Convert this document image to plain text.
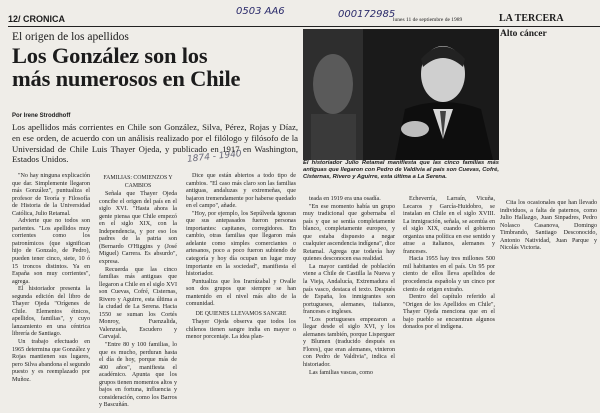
0503 AA6	000172985
1874 - 1940
12/ CRONICA	lunes 11 de septiembre de 1989	LA TERCERA
El origen de los apellidos
Los González son los
más numerosos en Chile
Por Irene Stroddhoff
Los apellidos más corrientes en Chile son González, Silva, Pérez, Rojas y Díaz, en ese orden, de acuerdo con un análisis realizado por el filólogo y filósofo de la Universidad de Chile Luis Thayer Ojeda, y publicado en 1917 en Washington, Estados Unidos.	El historiador Julio Retamal manifiesta que las cinco familias más antiguas que llegaron con Pedro de Valdivia al país son Cuevas, Cofré, Cisternas, Rivero y Aguirre, esta última a La Serena.
Alto cáncer

"No hay ninguna explicación que dar. Simplemente llegaron más González", puntualiza el profesor de Teoría y Filosofía de Historia de la Universidad Católica, Julio Retamal.

Advierte que no todos son parientes. "Los apellidos muy corrientes como los patronímicos (que significan hijo de Gonzalo, de Pedro), pueden tener cinco, siete, 10 ó 15 troncos distintos. Ya en España son muy corrientes", agrega.

El historiador presenta la segunda edición del libro de Thayer Ojeda "Orígenes de Chile. Elementos étnicos, apellidos, familias", y cuyo lanzamiento en una céntrica librería de Santiago.

Un trabajo efectuado en 1965 determina que González y Rojas mantienen sus lugares, pero Silva abandona el segundo puesto y es reemplazado por Muñoz.

FAMILIAS: COMIENZOS Y CAMBIOS

Señala que Thayer Ojeda concibe el origen del país en el siglo XVI. "Hasta ahora la gente piensa que Chile empezó en el siglo XIX, con la Independencia, y por eso los padres de la patria son (Bernardo O'Higgins y (José Miguel) Carrera. Es absurdo", expresa.

Recuerda que las cinco familias más antiguas que llegaron a Chile en el siglo XVI son Cuevas, Cofré, Cisternas, Rivero y Aguirre, esta última a la ciudad de La Serena. Hacia 1550 se suman los Cortés Monroy, Fuenzalida, Valenzuela, Escudero y Carvajal.

"Entre 80 y 100 familias, lo que es mucho, perduran hasta el día de hoy, porque más de 400 años", manifiesta el académico. Apunta que los grupos tienen momentos altos y bajos en fortuna, influencia y consideración, como los Barros y Bascuñán.

Dice que están abiertos a todo tipo de cambios. "El caso más claro son las familias antiguas, andaluzas y extremeñas, que bajaron tremendamente por haberse quedado en el campo", añade.

"Hoy, por ejemplo, los Sepúlveda ignoran que sus antepasados fueron personas importantes: capitanes, corregidores. En cambio, otras familias que llegaron más adelante como simples comerciantes o artesanos, poco a poco fueron subiendo de categoría y hoy día ocupan un lugar muy importante en la sociedad", manifiesta el historiador.

Puntualiza que los Irarrázabal y Ovalle son dos grupos que siempre se han mantenido en el nivel más alto de la comunidad.

DE QUIENES LLEVAMOS SANGRE

Thayer Ojeda observa que todos los chilenos tienen sangre india en mayor o menor porcentaje. La idea plan-

teada en 1919 era una osadía.

"En ese momento había un grupo muy tradicional que gobernaba el país y que se sentía completamente blanco, completamente europeo, y que estaba dispuesto a negar cualquier ascendencia indígena", dice Retamal. Agrega que todavía hay quienes desconocen esa realidad.

La mayor cantidad de población viene a Chile de Castilla la Nueva y la Vieja, Andalucía, Extremadura el país vasco, destaca el texto. Después de España, los inmigrantes son portugueses, alemanes, italianos, franceses e ingleses.

"Los portugueses empezaron a llegar desde el siglo XVI, y los alemanes también, porque Lisperguer y Blumen (traducido después es Flores), que eran alemanes, vinieron con Pedro de Valdivia", indica el historiador.

Las familias vascas, como

Echeverría, Larraín, Vicuña, Lecaros y García-Huidobro, se instalan en Chile en el siglo XVIII. La inmigración, señala, se acentúa en el siglo XIX, cuando el gobierno organiza una política en ese sentido y atrae a italianos, alemanes y franceses.

Hacia 1955 hay tres millones 500 mil habitantes en el país. Un 95 por ciento de ellos lleva apellidos de procedencia española y un cinco por ciento de origen extraño.

Dentro del capítulo referido al "Origen de los Apellidos en Chile", Thayer Ojeda menciona que en el bajo pueblo se encuentran algunos donados por el indígena.

Cita los ocasionales que han llevado individuos, a falta de paternos, como Julio Hallazgo, Juan Sinpadres, Pedro Nolasco Casanova, Domingo Timbrando, Santiago Desconocido, Antonio Natividad, Juan Parque y Nicolás Victoria.
